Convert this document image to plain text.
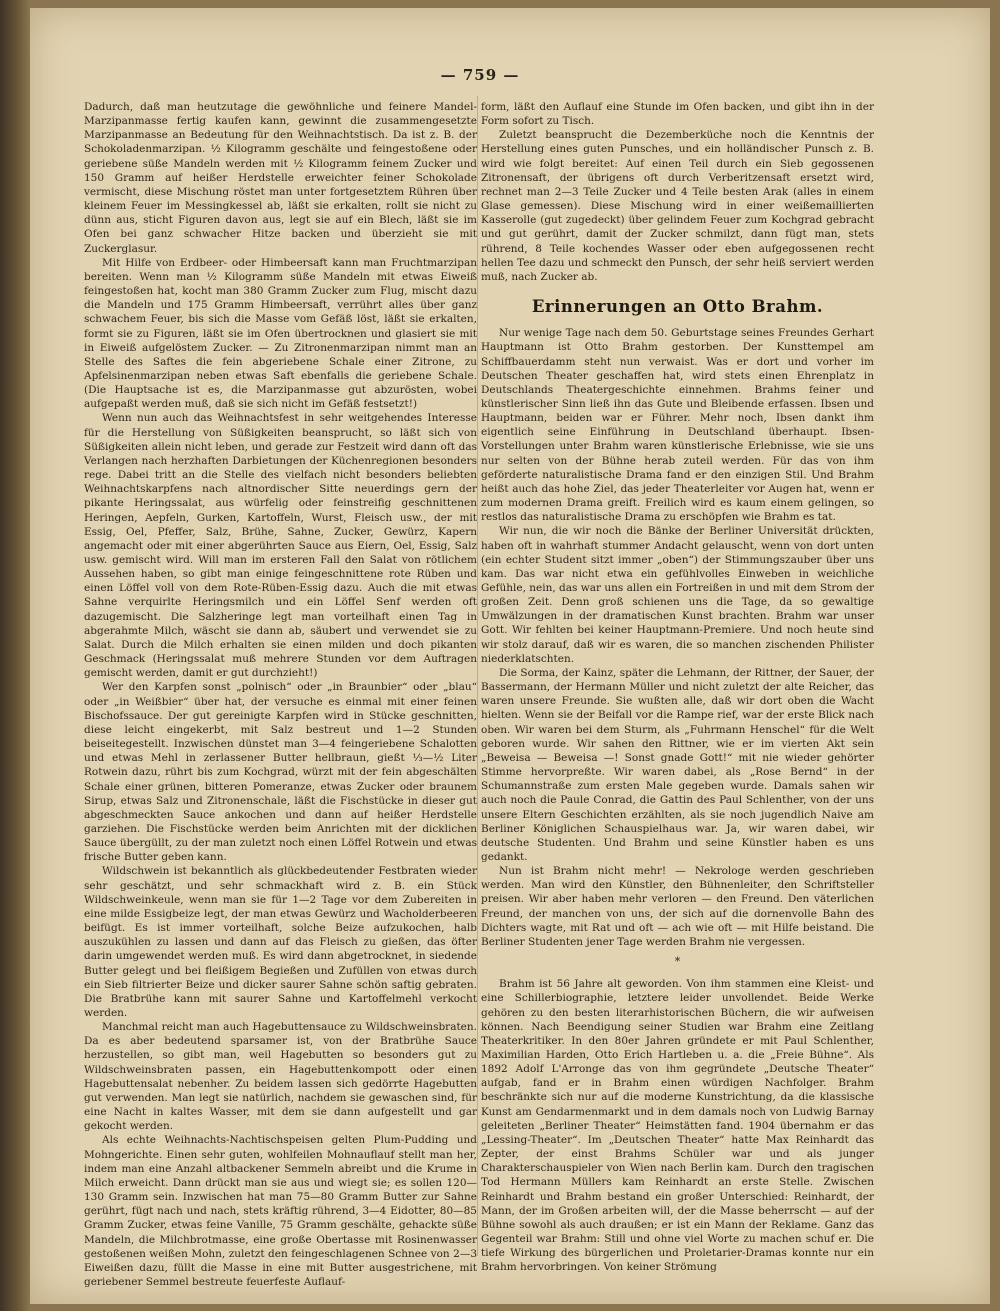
— 759 —

Dadurch, daß man heutzutage die gewöhnliche und feinere Mandel-Marzipanmasse fertig kaufen kann, gewinnt die zusammengesetzte Marzipanmasse an Bedeutung für den Weihnachtstisch. Da ist z. B. der Schokoladenmarzipan. ½ Kilogramm geschälte und feingestoßene oder geriebene süße Mandeln werden mit ½ Kilogramm feinem Zucker und 150 Gramm auf heißer Herdstelle erweichter feiner Schokolade vermischt, diese Mischung röstet man unter fortgesetztem Rühren über kleinem Feuer im Messingkessel ab, läßt sie erkalten, rollt sie nicht zu dünn aus, sticht Figuren davon aus, legt sie auf ein Blech, läßt sie im Ofen bei ganz schwacher Hitze backen und überzieht sie mit Zuckerglasur.

Mit Hilfe von Erdbeer- oder Himbeersaft kann man Fruchtmarzipan bereiten. Wenn man ½ Kilogramm süße Mandeln mit etwas Eiweiß feingestoßen hat, kocht man 380 Gramm Zucker zum Flug, mischt dazu die Mandeln und 175 Gramm Himbeersaft, verrührt alles über ganz schwachem Feuer, bis sich die Masse vom Gefäß löst, läßt sie erkalten, formt sie zu Figuren, läßt sie im Ofen übertrocknen und glasiert sie mit in Eiweiß aufgelöstem Zucker. — Zu Zitronenmarzipan nimmt man an Stelle des Saftes die fein abgeriebene Schale einer Zitrone, zu Apfelsinenmarzipan neben etwas Saft ebenfalls die geriebene Schale. (Die Hauptsache ist es, die Marzipanmasse gut abzurösten, wobei aufgepaßt werden muß, daß sie sich nicht im Gefäß festsetzt!)

Wenn nun auch das Weihnachtsfest in sehr weitgehendes Interesse für die Herstellung von Süßigkeiten beansprucht, so läßt sich von Süßigkeiten allein nicht leben, und gerade zur Festzeit wird dann oft das Verlangen nach herzhaften Darbietungen der Küchenregionen besonders rege. Dabei tritt an die Stelle des vielfach nicht besonders beliebten Weihnachtskarpfens nach altnordischer Sitte neuerdings gern der pikante Heringssalat, aus würfelig oder feinstreifig geschnittenen Heringen, Aepfeln, Gurken, Kartoffeln, Wurst, Fleisch usw., der mit Essig, Oel, Pfeffer, Salz, Brühe, Sahne, Zucker, Gewürz, Kapern angemacht oder mit einer abgerührten Sauce aus Eiern, Oel, Essig, Salz usw. gemischt wird. Will man im ersteren Fall den Salat von rötlichem Aussehen haben, so gibt man einige feingeschnittene rote Rüben und einen Löffel voll von dem Rote-Rüben-Essig dazu. Auch die mit etwas Sahne verquirlte Heringsmilch und ein Löffel Senf werden oft dazugemischt. Die Salzheringe legt man vorteilhaft einen Tag in abgerahmte Milch, wäscht sie dann ab, säubert und verwendet sie zu Salat. Durch die Milch erhalten sie einen milden und doch pikanten Geschmack (Heringssalat muß mehrere Stunden vor dem Auftragen gemischt werden, damit er gut durchzieht!)

Wer den Karpfen sonst „polnisch“ oder „in Braunbier“ oder „blau“ oder „in Weißbier“ über hat, der versuche es einmal mit einer feinen Bischofssauce. Der gut gereinigte Karpfen wird in Stücke geschnitten, diese leicht eingekerbt, mit Salz bestreut und 1—2 Stunden beiseitegestellt. Inzwischen dünstet man 3—4 feingeriebene Schalotten und etwas Mehl in zerlassener Butter hellbraun, gießt ⅓—½ Liter Rotwein dazu, rührt bis zum Kochgrad, würzt mit der fein abgeschälten Schale einer grünen, bitteren Pomeranze, etwas Zucker oder braunem Sirup, etwas Salz und Zitronenschale, läßt die Fischstücke in dieser gut abgeschmeckten Sauce ankochen und dann auf heißer Herdstelle garziehen. Die Fischstücke werden beim Anrichten mit der dicklichen Sauce übergüllt, zu der man zuletzt noch einen Löffel Rotwein und etwas frische Butter geben kann.

Wildschwein ist bekanntlich als glückbedeutender Festbraten wieder sehr geschätzt, und sehr schmackhaft wird z. B. ein Stück Wildschweinkeule, wenn man sie für 1—2 Tage vor dem Zubereiten in eine milde Essigbeize legt, der man etwas Gewürz und Wacholderbeeren beifügt. Es ist immer vorteilhaft, solche Beize aufzukochen, halb auszukühlen zu lassen und dann auf das Fleisch zu gießen, das öfter darin umgewendet werden muß. Es wird dann abgetrocknet, in siedende Butter gelegt und bei fleißigem Begießen und Zufüllen von etwas durch ein Sieb filtrierter Beize und dicker saurer Sahne schön saftig gebraten. Die Bratbrühe kann mit saurer Sahne und Kartoffelmehl verkocht werden.

Manchmal reicht man auch Hagebuttensauce zu Wildschweinsbraten. Da es aber bedeutend sparsamer ist, von der Bratbrühe Sauce herzustellen, so gibt man, weil Hagebutten so besonders gut zu Wildschweinsbraten passen, ein Hagebuttenkompott oder einen Hagebuttensalat nebenher. Zu beidem lassen sich gedörrte Hagebutten gut verwenden. Man legt sie natürlich, nachdem sie gewaschen sind, für eine Nacht in kaltes Wasser, mit dem sie dann aufgestellt und gar gekocht werden.

Als echte Weihnachts-Nachtischspeisen gelten Plum-Pudding und Mohngerichte. Einen sehr guten, wohlfeilen Mohnauflauf stellt man her, indem man eine Anzahl altbackener Semmeln abreibt und die Krume in Milch erweicht. Dann drückt man sie aus und wiegt sie; es sollen 120—130 Gramm sein. Inzwischen hat man 75—80 Gramm Butter zur Sahne gerührt, fügt nach und nach, stets kräftig rührend, 3—4 Eidotter, 80—85 Gramm Zucker, etwas feine Vanille, 75 Gramm geschälte, gehackte süße Mandeln, die Milchbrotmasse, eine große Obertasse mit Rosinenwasser gestoßenen weißen Mohn, zuletzt den feingeschlagenen Schnee von 2—3 Eiweißen dazu, füllt die Masse in eine mit Butter ausgestrichene, mit geriebener Semmel bestreute feuerfeste Auflauf-

form, läßt den Auflauf eine Stunde im Ofen backen, und gibt ihn in der Form sofort zu Tisch.

Zuletzt beansprucht die Dezemberküche noch die Kenntnis der Herstellung eines guten Punsches, und ein holländischer Punsch z. B. wird wie folgt bereitet: Auf einen Teil durch ein Sieb gegossenen Zitronensaft, der übrigens oft durch Verberitzensaft ersetzt wird, rechnet man 2—3 Teile Zucker und 4 Teile besten Arak (alles in einem Glase gemessen). Diese Mischung wird in einer weißemaillierten Kasserolle (gut zugedeckt) über gelindem Feuer zum Kochgrad gebracht und gut gerührt, damit der Zucker schmilzt, dann fügt man, stets rührend, 8 Teile kochendes Wasser oder eben aufgegossenen recht hellen Tee dazu und schmeckt den Punsch, der sehr heiß serviert werden muß, nach Zucker ab.

Erinnerungen an Otto Brahm.

Nur wenige Tage nach dem 50. Geburtstage seines Freundes Gerhart Hauptmann ist Otto Brahm gestorben. Der Kunsttempel am Schiffbauerdamm steht nun verwaist. Was er dort und vorher im Deutschen Theater geschaffen hat, wird stets einen Ehrenplatz in Deutschlands Theatergeschichte einnehmen. Brahms feiner und künstlerischer Sinn ließ ihn das Gute und Bleibende erfassen. Ibsen und Hauptmann, beiden war er Führer. Mehr noch, Ibsen dankt ihm eigentlich seine Einführung in Deutschland überhaupt. Ibsen-Vorstellungen unter Brahm waren künstlerische Erlebnisse, wie sie uns nur selten von der Bühne herab zuteil werden. Für das von ihm geförderte naturalistische Drama fand er den einzigen Stil. Und Brahm heißt auch das hohe Ziel, das jeder Theaterleiter vor Augen hat, wenn er zum modernen Drama greift. Freilich wird es kaum einem gelingen, so restlos das naturalistische Drama zu erschöpfen wie Brahm es tat.

Wir nun, die wir noch die Bänke der Berliner Universität drückten, haben oft in wahrhaft stummer Andacht gelauscht, wenn von dort unten (ein echter Student sitzt immer „oben“) der Stimmungszauber über uns kam. Das war nicht etwa ein gefühlvolles Einweben in weichliche Gefühle, nein, das war uns allen ein Fortreißen in und mit dem Strom der großen Zeit. Denn groß schienen uns die Tage, da so gewaltige Umwälzungen in der dramatischen Kunst brachten. Brahm war unser Gott. Wir fehlten bei keiner Hauptmann-Premiere. Und noch heute sind wir stolz darauf, daß wir es waren, die so manchen zischenden Philister niederklatschten.

Die Sorma, der Kainz, später die Lehmann, der Rittner, der Sauer, der Bassermann, der Hermann Müller und nicht zuletzt der alte Reicher, das waren unsere Freunde. Sie wußten alle, daß wir dort oben die Wacht hielten. Wenn sie der Beifall vor die Rampe rief, war der erste Blick nach oben. Wir waren bei dem Sturm, als „Fuhrmann Henschel“ für die Welt geboren wurde. Wir sahen den Rittner, wie er im vierten Akt sein „Beweisa — Beweisa —! Sonst gnade Gott!“ mit nie wieder gehörter Stimme hervorpreßte. Wir waren dabei, als „Rose Bernd“ in der Schumannstraße zum ersten Male gegeben wurde. Damals sahen wir auch noch die Paule Conrad, die Gattin des Paul Schlenther, von der uns unsere Eltern Geschichten erzählten, als sie noch jugendlich Naive am Berliner Königlichen Schauspielhaus war. Ja, wir waren dabei, wir deutsche Studenten. Und Brahm und seine Künstler haben es uns gedankt.

Nun ist Brahm nicht mehr! — Nekrologe werden geschrieben werden. Man wird den Künstler, den Bühnenleiter, den Schriftsteller preisen. Wir aber haben mehr verloren — den Freund. Den väterlichen Freund, der manchen von uns, der sich auf die dornenvolle Bahn des Dichters wagte, mit Rat und oft — ach wie oft — mit Hilfe beistand. Die Berliner Studenten jener Tage werden Brahm nie vergessen.

*

Brahm ist 56 Jahre alt geworden. Von ihm stammen eine Kleist- und eine Schillerbiographie, letztere leider unvollendet. Beide Werke gehören zu den besten literarhistorischen Büchern, die wir aufweisen können. Nach Beendigung seiner Studien war Brahm eine Zeitlang Theaterkritiker. In den 80er Jahren gründete er mit Paul Schlenther, Maximilian Harden, Otto Erich Hartleben u. a. die „Freie Bühne“. Als 1892 Adolf L'Arronge das von ihm gegründete „Deutsche Theater“ aufgab, fand er in Brahm einen würdigen Nachfolger. Brahm beschränkte sich nur auf die moderne Kunstrichtung, da die klassische Kunst am Gendarmenmarkt und in dem damals noch von Ludwig Barnay geleiteten „Berliner Theater“ Heimstätten fand. 1904 übernahm er das „Lessing-Theater“. Im „Deutschen Theater“ hatte Max Reinhardt das Zepter, der einst Brahms Schüler war und als junger Charakterschauspieler von Wien nach Berlin kam. Durch den tragischen Tod Hermann Müllers kam Reinhardt an erste Stelle. Zwischen Reinhardt und Brahm bestand ein großer Unterschied: Reinhardt, der Mann, der im Großen arbeiten will, der die Masse beherrscht — auf der Bühne sowohl als auch draußen; er ist ein Mann der Reklame. Ganz das Gegenteil war Brahm: Still und ohne viel Worte zu machen schuf er. Die tiefe Wirkung des bürgerlichen und Proletarier-Dramas konnte nur ein Brahm hervorbringen. Von keiner Strömung
